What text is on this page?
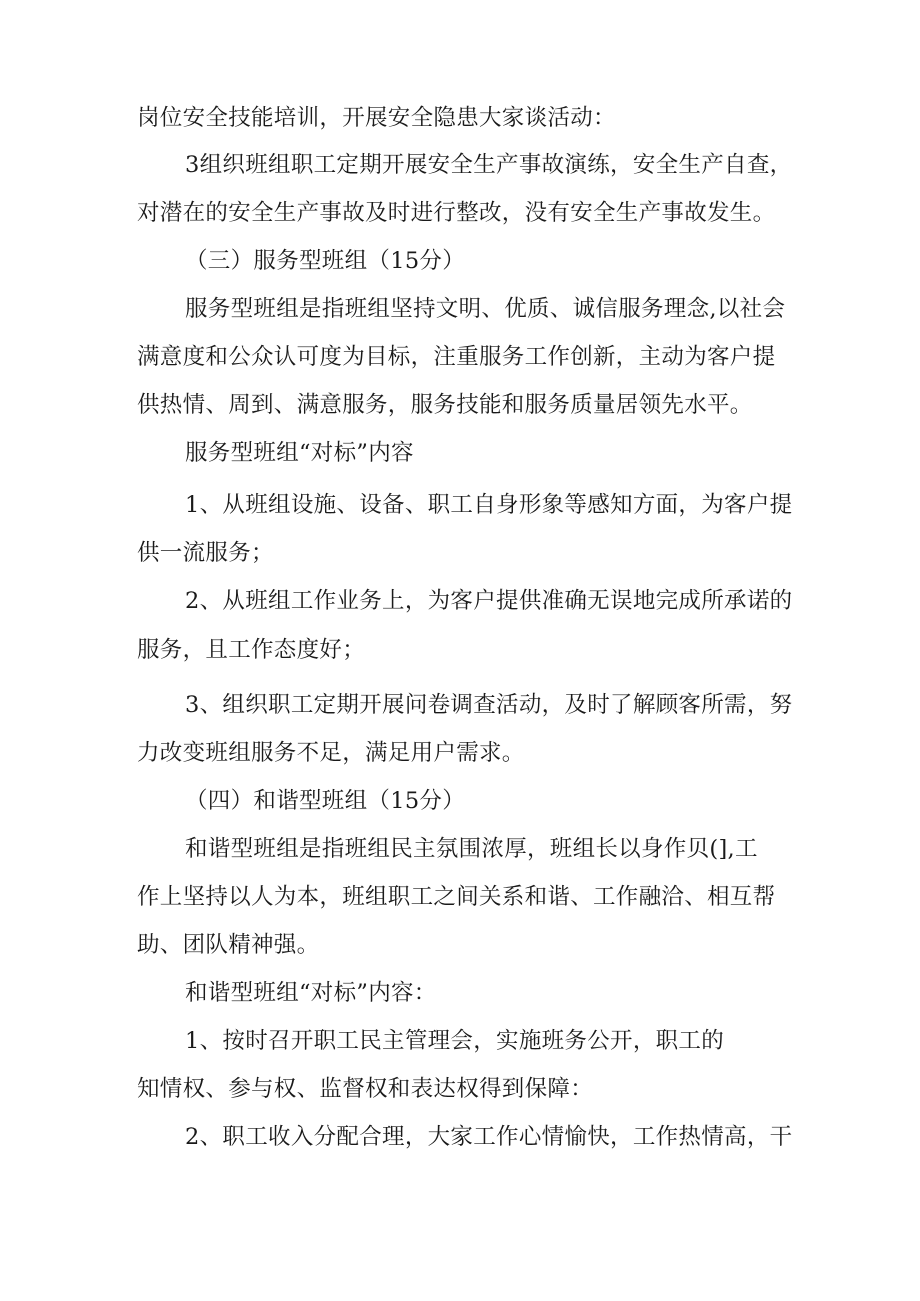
岗位安全技能培训，开展安全隐患大家谈活动：
3组织班组职工定期开展安全生产事故演练，安全生产自查，
对潜在的安全生产事故及时进行整改，没有安全生产事故发生。
（三）服务型班组（15分）
服务型班组是指班组坚持文明、优质、诚信服务理念,以社会
满意度和公众认可度为目标，注重服务工作创新，主动为客户提
供热情、周到、满意服务，服务技能和服务质量居领先水平。
服务型班组“对标”内容
1、从班组设施、设备、职工自身形象等感知方面，为客户提
供一流服务；
2、从班组工作业务上，为客户提供准确无误地完成所承诺的
服务，且工作态度好；
3、组织职工定期开展问卷调查活动，及时了解顾客所需，努
力改变班组服务不足，满足用户需求。
（四）和谐型班组（15分）
和谐型班组是指班组民主氛围浓厚，班组长以身作贝(],工
作上坚持以人为本，班组职工之间关系和谐、工作融洽、相互帮
助、团队精神强。
和谐型班组“对标”内容：
1、按时召开职工民主管理会，实施班务公开，职工的
知情权、参与权、监督权和表达权得到保障：
2、职工收入分配合理，大家工作心情愉快，工作热情高，干
